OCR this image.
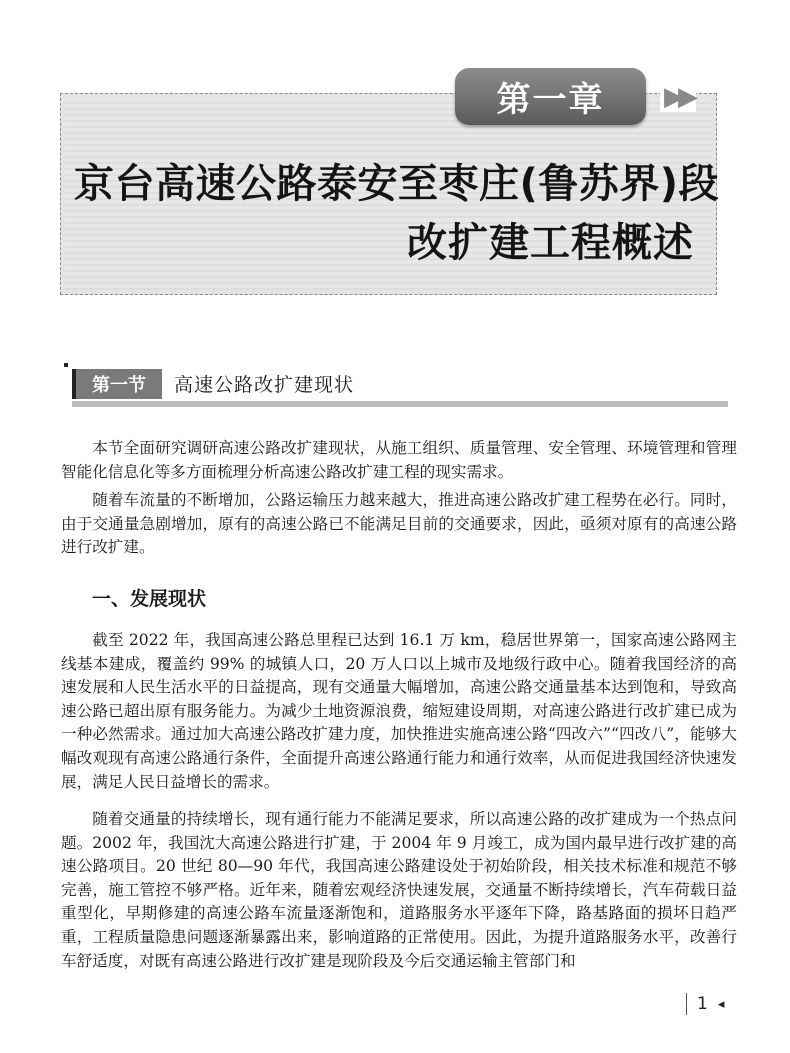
第一章	▶▶
京台高速公路泰安至枣庄(鲁苏界)段
改扩建工程概述
第一节	高速公路改扩建现状

本节全面研究调研高速公路改扩建现状，从施工组织、质量管理、安全管理、环境管理和管理智能化信息化等多方面梳理分析高速公路改扩建工程的现实需求。

随着车流量的不断增加，公路运输压力越来越大，推进高速公路改扩建工程势在必行。同时，由于交通量急剧增加，原有的高速公路已不能满足目前的交通要求，因此，亟须对原有的高速公路进行改扩建。

一、发展现状

截至 2022 年，我国高速公路总里程已达到 16.1 万 km，稳居世界第一，国家高速公路网主线基本建成，覆盖约 99% 的城镇人口，20 万人口以上城市及地级行政中心。随着我国经济的高速发展和人民生活水平的日益提高，现有交通量大幅增加，高速公路交通量基本达到饱和，导致高速公路已超出原有服务能力。为减少土地资源浪费，缩短建设周期，对高速公路进行改扩建已成为一种必然需求。通过加大高速公路改扩建力度，加快推进实施高速公路“四改六”“四改八”，能够大幅改观现有高速公路通行条件，全面提升高速公路通行能力和通行效率，从而促进我国经济快速发展，满足人民日益增长的需求。

随着交通量的持续增长，现有通行能力不能满足要求，所以高速公路的改扩建成为一个热点问题。2002 年，我国沈大高速公路进行扩建，于 2004 年 9 月竣工，成为国内最早进行改扩建的高速公路项目。20 世纪 80—90 年代，我国高速公路建设处于初始阶段，相关技术标准和规范不够完善，施工管控不够严格。近年来，随着宏观经济快速发展，交通量不断持续增长，汽车荷载日益重型化，早期修建的高速公路车流量逐渐饱和，道路服务水平逐年下降，路基路面的损坏日趋严重，工程质量隐患问题逐渐暴露出来，影响道路的正常使用。因此，为提升道路服务水平，改善行车舒适度，对既有高速公路进行改扩建是现阶段及今后交通运输主管部门和

1 ◂
